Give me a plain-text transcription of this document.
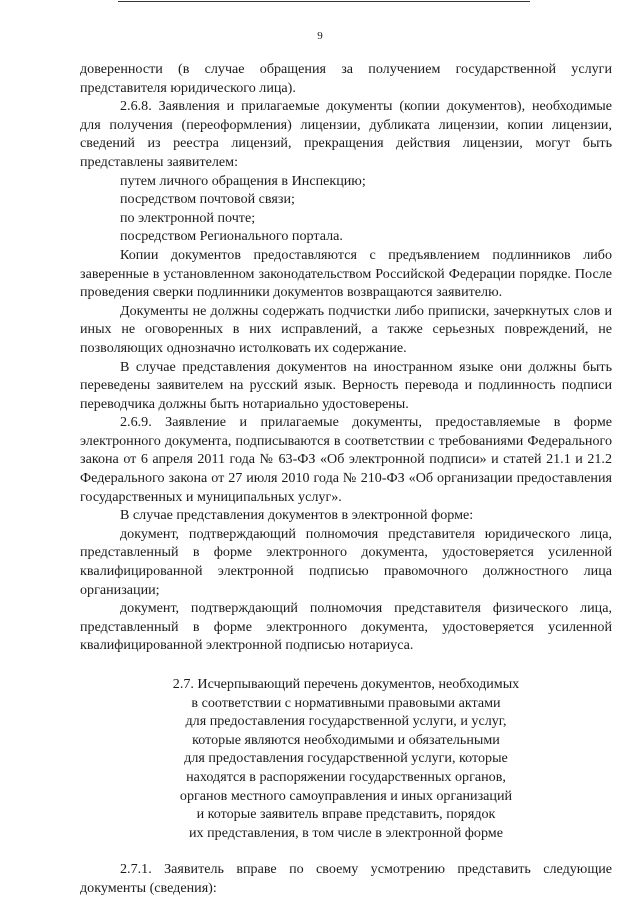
9

доверенности (в случае обращения за получением государственной услуги представителя юридического лица).

2.6.8. Заявления и прилагаемые документы (копии документов), необходимые для получения (переоформления) лицензии, дубликата лицензии, копии лицензии, сведений из реестра лицензий, прекращения действия лицензии, могут быть представлены заявителем:

путем личного обращения в Инспекцию;

посредством почтовой связи;

по электронной почте;

посредством Регионального портала.

Копии документов предоставляются с предъявлением подлинников либо заверенные в установленном законодательством Российской Федерации порядке. После проведения сверки подлинники документов возвращаются заявителю.

Документы не должны содержать подчистки либо приписки, зачеркнутых слов и иных не оговоренных в них исправлений, а также серьезных повреждений, не позволяющих однозначно истолковать их содержание.

В случае представления документов на иностранном языке они должны быть переведены заявителем на русский язык. Верность перевода и подлинность подписи переводчика должны быть нотариально удостоверены.

2.6.9. Заявление и прилагаемые документы, предоставляемые в форме электронного документа, подписываются в соответствии с требованиями Федерального закона от 6 апреля 2011 года № 63-ФЗ «Об электронной подписи» и статей 21.1 и 21.2 Федерального закона от 27 июля 2010 года № 210-ФЗ «Об организации предоставления государственных и муниципальных услуг».

В случае представления документов в электронной форме:

документ, подтверждающий полномочия представителя юридического лица, представленный в форме электронного документа, удостоверяется усиленной квалифицированной электронной подписью правомочного должностного лица организации;

документ, подтверждающий полномочия представителя физического лица, представленный в форме электронного документа, удостоверяется усиленной квалифицированной электронной подписью нотариуса.

2.7. Исчерпывающий перечень документов, необходимых
в соответствии с нормативными правовыми актами
для предоставления государственной услуги, и услуг,
которые являются необходимыми и обязательными
для предоставления государственной услуги, которые
находятся в распоряжении государственных органов,
органов местного самоуправления и иных организаций
и которые заявитель вправе представить, порядок
их представления, в том числе в электронной форме

2.7.1. Заявитель вправе по своему усмотрению представить следующие документы (сведения):
